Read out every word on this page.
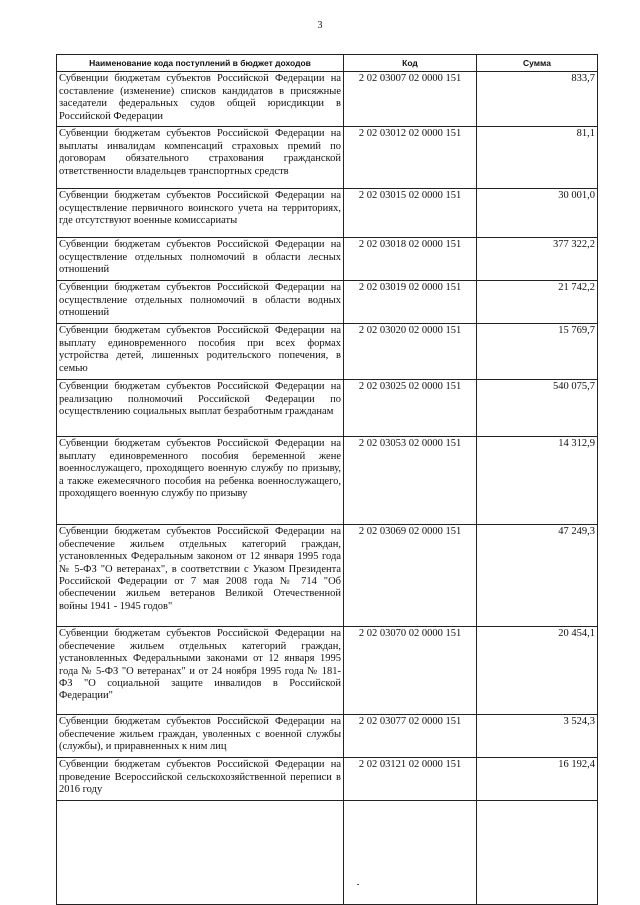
3
Наименование кода поступлений в бюджет доходов	Код	Сумма
Субвенции бюджетам субъектов Российской Федерации на составление (изменение) списков кандидатов в присяжные заседатели федеральных судов общей юрисдикции в Российской Федерации	2 02 03007 02 0000 151	833,7
Субвенции бюджетам субъектов Российской Федерации на выплаты инвалидам компенсаций страховых премий по договорам обязательного страхования гражданской ответственности владельцев транспортных средств	2 02 03012 02 0000 151	81,1
Субвенции бюджетам субъектов Российской Федерации на осуществление первичного воинского учета на территориях, где отсутствуют военные комиссариаты	2 02 03015 02 0000 151	30 001,0
Субвенции бюджетам субъектов Российской Федерации на осуществление отдельных полномочий в области лесных отношений	2 02 03018 02 0000 151	377 322,2
Субвенции бюджетам субъектов Российской Федерации на осуществление отдельных полномочий в области водных отношений	2 02 03019 02 0000 151	21 742,2
Субвенции бюджетам субъектов Российской Федерации на выплату единовременного пособия при всех формах устройства детей, лишенных родительского попечения, в семью	2 02 03020 02 0000 151	15 769,7
Субвенции бюджетам субъектов Российской Федерации на реализацию полномочий Российской Федерации по осуществлению социальных выплат безработным гражданам	2 02 03025 02 0000 151	540 075,7
Субвенции бюджетам субъектов Российской Федерации на выплату единовременного пособия беременной жене военнослужащего, проходящего военную службу по призыву, а также ежемесячного пособия на ребенка военнослужащего, проходящего военную службу по призыву	2 02 03053 02 0000 151	14 312,9
Субвенции бюджетам субъектов Российской Федерации на обеспечение жильем отдельных категорий граждан, установленных Федеральным законом от 12 января 1995 года № 5-ФЗ "О ветеранах", в соответствии с Указом Президента Российской Федерации от 7 мая 2008 года № 714 "Об обеспечении жильем ветеранов Великой Отечественной войны 1941 - 1945 годов"	2 02 03069 02 0000 151	47 249,3
Субвенции бюджетам субъектов Российской Федерации на обеспечение жильем отдельных категорий граждан, установленных Федеральными законами от 12 января 1995 года № 5-ФЗ "О ветеранах" и от 24 ноября 1995 года № 181-ФЗ "О социальной защите инвалидов в Российской Федерации"	2 02 03070 02 0000 151	20 454,1
Субвенции бюджетам субъектов Российской Федерации на обеспечение жильем граждан, уволенных с военной службы (службы), и приравненных к ним лиц	2 02 03077 02 0000 151	3 524,3
Субвенции бюджетам субъектов Российской Федерации на проведение Всероссийской сельскохозяйственной переписи в 2016 году	2 02 03121 02 0000 151	16 192,4
